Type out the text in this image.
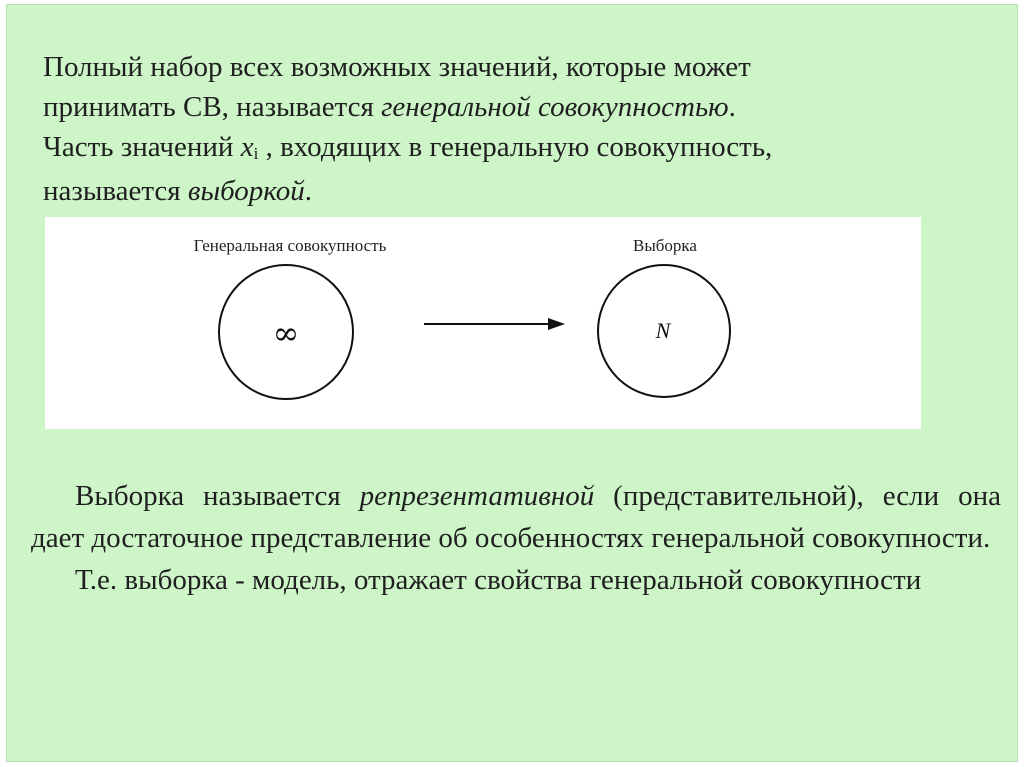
Полный набор всех возможных значений, которые может

принимать СВ, называется генеральной совокупностью.

Часть значений xi , входящих в генеральную совокупность,

называется выборкой.

Генеральная совокупность
∞
Выборка
N

Выборка называется репрезентативной (представительной), если она дает достаточное представление об особенностях генеральной совокупности.

Т.е. выборка - модель, отражает свойства генеральной совокупности
